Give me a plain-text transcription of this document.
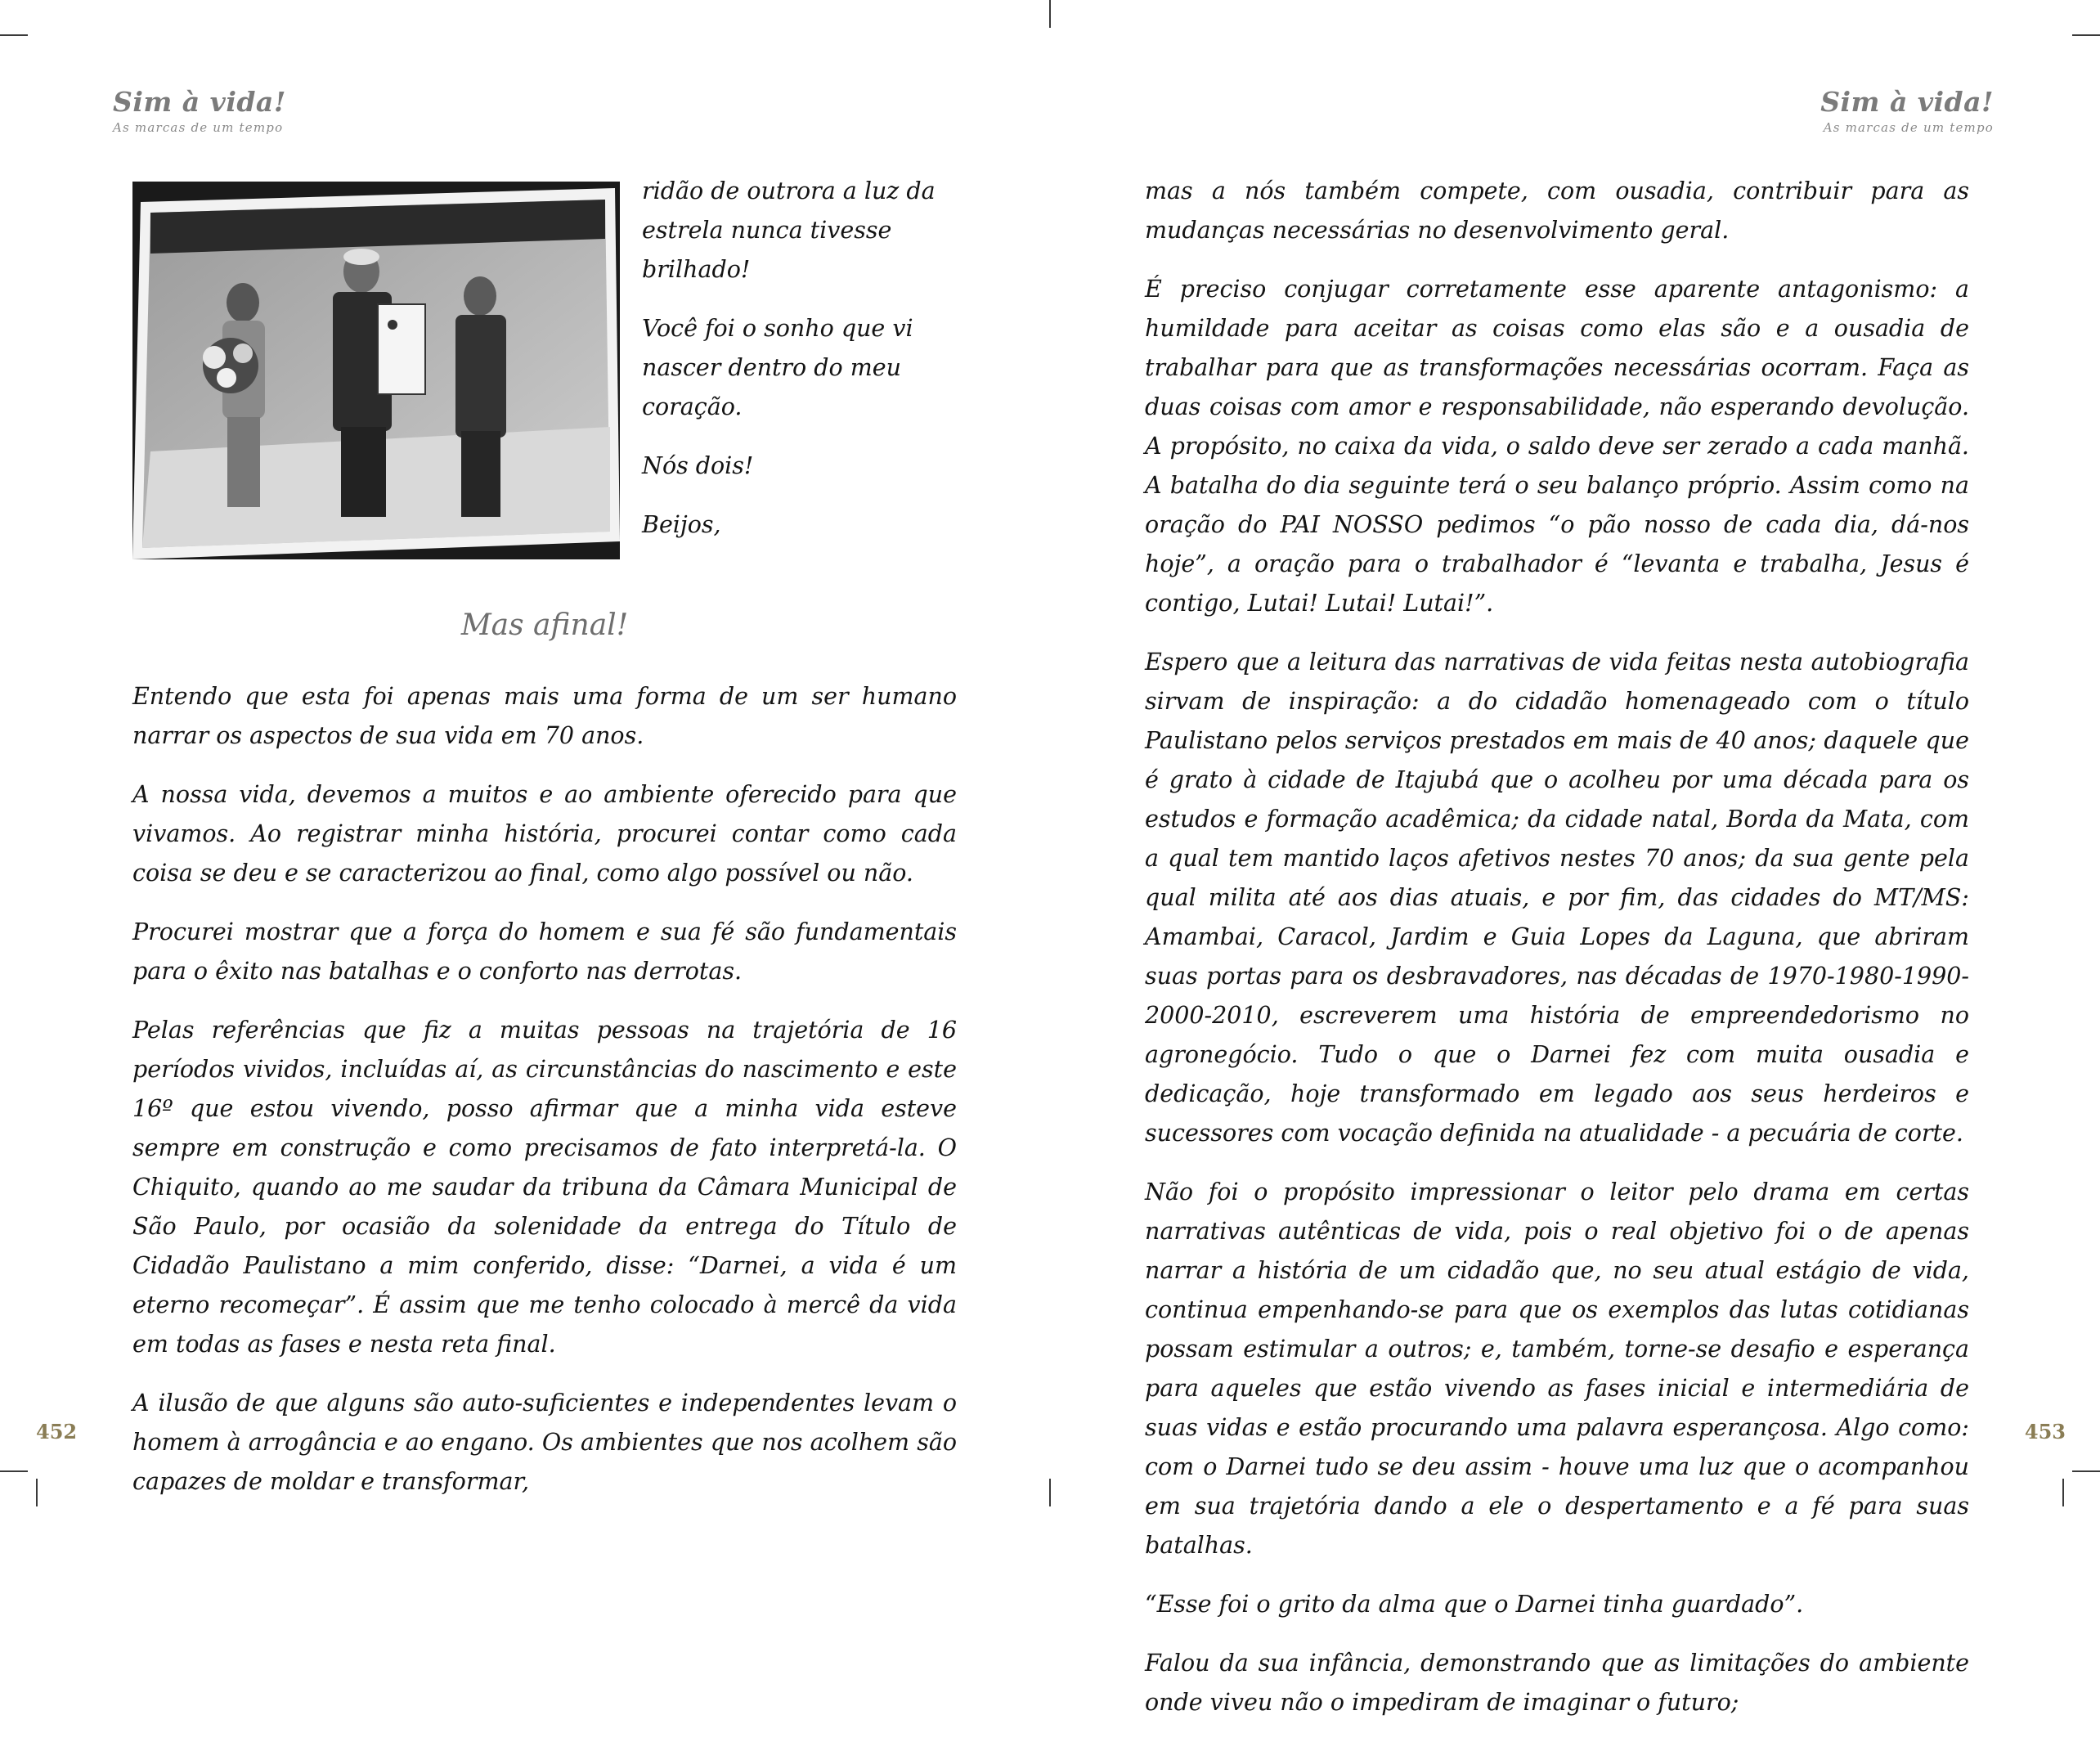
Sim à vida!
As marcas de um tempo

ridão de outrora a luz da estrela nunca tivesse brilhado!

Você foi o sonho que vi nascer dentro do meu coração.

Nós dois!

Beijos,

Mas afinal!

Entendo que esta foi apenas mais uma forma de um ser humano narrar os aspectos de sua vida em 70 anos.

A nossa vida, devemos a muitos e ao ambiente oferecido para que vivamos. Ao registrar minha história, procurei contar como cada coisa se deu e se caracterizou ao final, como algo possível ou não.

Procurei mostrar que a força do homem e sua fé são fundamentais para o êxito nas batalhas e o conforto nas derrotas.

Pelas referências que fiz a muitas pessoas na trajetória de 16 períodos vividos, incluídas aí, as circunstâncias do nascimento e este 16º que estou vivendo, posso afirmar que a minha vida esteve sempre em construção e como precisamos de fato interpretá-la. O Chiquito, quando ao me saudar da tribuna da Câmara Municipal de São Paulo, por ocasião da solenidade da entrega do Título de Cidadão Paulistano a mim conferido, disse: “Darnei, a vida é um eterno recomeçar”. É assim que me tenho colocado à mercê da vida em todas as fases e nesta reta final.

A ilusão de que alguns são auto-suficientes e independentes levam o homem à arrogância e ao engano. Os ambientes que nos acolhem são capazes de moldar e transformar,

452
Sim à vida!
As marcas de um tempo

mas a nós também compete, com ousadia, contribuir para as mudanças necessárias no desenvolvimento geral.

É preciso conjugar corretamente esse aparente antagonismo: a humildade para aceitar as coisas como elas são e a ousadia de trabalhar para que as transformações necessárias ocorram. Faça as duas coisas com amor e responsabilidade, não esperando devolução. A propósito, no caixa da vida, o saldo deve ser zerado a cada manhã. A batalha do dia seguinte terá o seu balanço próprio. Assim como na oração do PAI NOSSO pedimos “o pão nosso de cada dia, dá-nos hoje”, a oração para o trabalhador é “levanta e trabalha, Jesus é contigo, Lutai! Lutai! Lutai!”.

Espero que a leitura das narrativas de vida feitas nesta autobiografia sirvam de inspiração: a do cidadão homenageado com o título Paulistano pelos serviços prestados em mais de 40 anos; daquele que é grato à cidade de Itajubá que o acolheu por uma década para os estudos e formação acadêmica; da cidade natal, Borda da Mata, com a qual tem mantido laços afetivos nestes 70 anos; da sua gente pela qual milita até aos dias atuais, e por fim, das cidades do MT/MS: Amambai, Caracol, Jardim e Guia Lopes da Laguna, que abriram suas portas para os desbravadores, nas décadas de 1970-1980-1990-2000-2010, escreverem uma história de empreendedorismo no agronegócio. Tudo o que o Darnei fez com muita ousadia e dedicação, hoje transformado em legado aos seus herdeiros e sucessores com vocação definida na atualidade - a pecuária de corte.

Não foi o propósito impressionar o leitor pelo drama em certas narrativas autênticas de vida, pois o real objetivo foi o de apenas narrar a história de um cidadão que, no seu atual estágio de vida, continua empenhando-se para que os exemplos das lutas cotidianas possam estimular a outros; e, também, torne-se desafio e esperança para aqueles que estão vivendo as fases inicial e intermediária de suas vidas e estão procurando uma palavra esperançosa. Algo como: com o Darnei tudo se deu assim - houve uma luz que o acompanhou em sua trajetória dando a ele o despertamento e a fé para suas batalhas.

“Esse foi o grito da alma que o Darnei tinha guardado”.

Falou da sua infância, demonstrando que as limitações do ambiente onde viveu não o impediram de imaginar o futuro;

453
